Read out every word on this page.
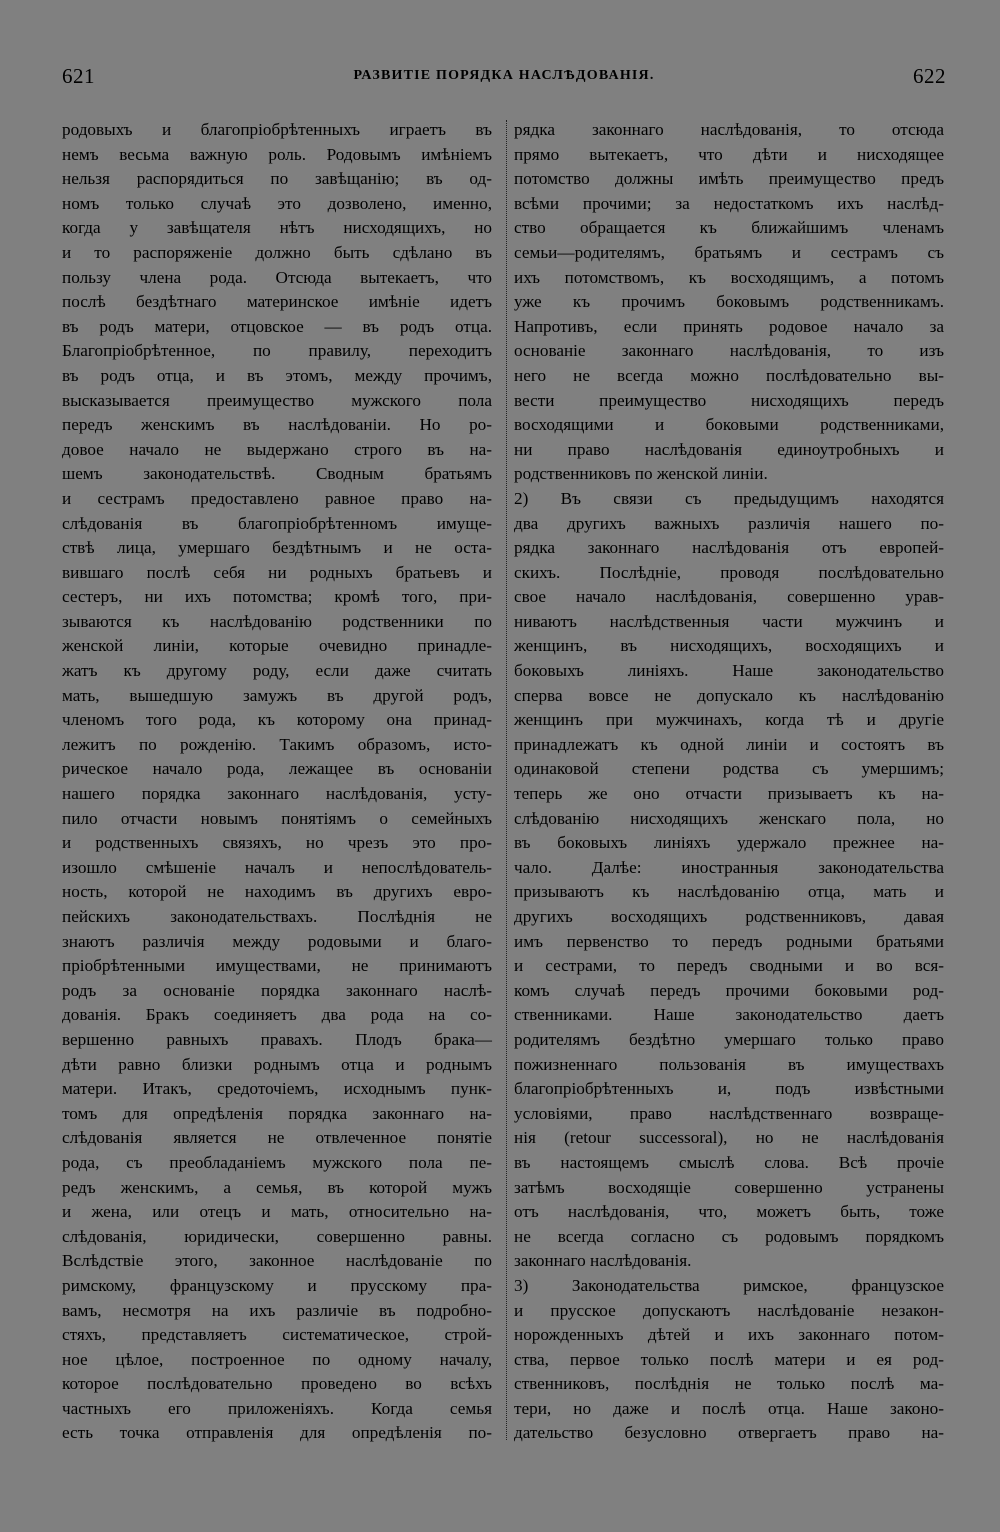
621	РАЗВИТІЕ ПОРЯДКА НАСЛѢДОВАНІЯ.	622

родовыхъ и благопріобрѣтенныхъ играетъ въ

немъ весьма важную роль. Родовымъ имѣніемъ

нельзя распорядиться по завѣщанію; въ од-

номъ только случаѣ это дозволено, именно,

когда у завѣщателя нѣтъ нисходящихъ, но

и то распоряженіе должно быть сдѣлано въ

пользу члена рода. Отсюда вытекаетъ, что

послѣ бездѣтнаго материнское имѣніе идетъ

въ родъ матери, отцовское — въ родъ отца.

Благопріобрѣтенное, по правилу, переходитъ

въ родъ отца, и въ этомъ, между прочимъ,

высказывается преимущество мужского пола

передъ женскимъ въ наслѣдованіи. Но ро-

довое начало не выдержано строго въ на-

шемъ законодательствѣ. Сводным братьямъ

и сестрамъ предоставлено равное право на-

слѣдованія въ благопріобрѣтенномъ имуще-

ствѣ лица, умершаго бездѣтнымъ и не оста-

вившаго послѣ себя ни родныхъ братьевъ и

сестеръ, ни ихъ потомства; кромѣ того, при-

зываются къ наслѣдованію родственники по

женской линіи, которые очевидно принадле-

жатъ къ другому роду, если даже считать

мать, вышедшую замужъ въ другой родъ,

членомъ того рода, къ которому она принад-

лежитъ по рожденію. Такимъ образомъ, исто-

рическое начало рода, лежащее въ основаніи

нашего порядка законнаго наслѣдованія, усту-

пило отчасти новымъ понятіямъ о семейныхъ

и родственныхъ связяхъ, но чрезъ это про-

изошло смѣшеніе началъ и непослѣдователь-

ность, которой не находимъ въ другихъ евро-

пейскихъ законодательствахъ. Послѣднія не

знаютъ различія между родовыми и благо-

пріобрѣтенными имуществами, не принимаютъ

родъ за основаніе порядка законнаго наслѣ-

дованія. Бракъ соединяетъ два рода на со-

вершенно равныхъ правахъ. Плодъ брака—

дѣти равно близки роднымъ отца и роднымъ

матери. Итакъ, средоточіемъ, исходнымъ пунк-

томъ для опредѣленія порядка законнаго на-

слѣдованія является не отвлеченное понятіе

рода, съ преобладаніемъ мужского пола пе-

редъ женскимъ, а семья, въ которой мужъ

и жена, или отецъ и мать, относительно на-

слѣдованія, юридически, совершенно равны.

Вслѣдствіе этого, законное наслѣдованіе по

римскому, французскому и прусскому пра-

вамъ, несмотря на ихъ различіе въ подробно-

стяхъ, представляетъ систематическое, строй-

ное цѣлое, построенное по одному началу,

которое послѣдовательно проведено во всѣхъ

частныхъ его приложеніяхъ. Когда семья

есть точка отправленія для опредѣленія по-

рядка законнаго наслѣдованія, то отсюда

прямо вытекаетъ, что дѣти и нисходящее

потомство должны имѣть преимущество предъ

всѣми прочими; за недостаткомъ ихъ наслѣд-

ство обращается къ ближайшимъ членамъ

семьи—родителямъ, братьямъ и сестрамъ съ

ихъ потомствомъ, къ восходящимъ, а потомъ

уже къ прочимъ боковымъ родственникамъ.

Напротивъ, если принять родовое начало за

основаніе законнаго наслѣдованія, то изъ

него не всегда можно послѣдовательно вы-

вести преимущество нисходящихъ передъ

восходящими и боковыми родственниками,

ни право наслѣдованія единоутробныхъ и

родственниковъ по женской линіи.

2) Въ связи съ предыдущимъ находятся

два другихъ важныхъ различія нашего по-

рядка законнаго наслѣдованія отъ европей-

скихъ. Послѣдніе, проводя послѣдовательно

свое начало наслѣдованія, совершенно урав-

ниваютъ наслѣдственныя части мужчинъ и

женщинъ, въ нисходящихъ, восходящихъ и

боковыхъ линіяхъ. Наше законодательство

сперва вовсе не допускало къ наслѣдованію

женщинъ при мужчинахъ, когда тѣ и другіе

принадлежатъ къ одной линіи и состоятъ въ

одинаковой степени родства съ умершимъ;

теперь же оно отчасти призываетъ къ на-

слѣдованію нисходящихъ женскаго пола, но

въ боковыхъ линіяхъ удержало прежнее на-

чало. Далѣе: иностранныя законодательства

призываютъ къ наслѣдованію отца, мать и

другихъ восходящихъ родственниковъ, давая

имъ первенство то передъ родными братьями

и сестрами, то передъ сводными и во вся-

комъ случаѣ передъ прочими боковыми род-

ственниками. Наше законодательство даетъ

родителямъ бездѣтно умершаго только право

пожизненнаго пользованія въ имуществахъ

благопріобрѣтенныхъ и, подъ извѣстными

условіями, право наслѣдственнаго возвраще-

нія (retour successoral), но не наслѣдованія

въ настоящемъ смыслѣ слова. Всѣ прочіе

затѣмъ восходящіе совершенно устранены

отъ наслѣдованія, что, можетъ быть, тоже

не всегда согласно съ родовымъ порядкомъ

законнаго наслѣдованія.

3) Законодательства римское, французское

и прусское допускаютъ наслѣдованіе незакон-

норожденныхъ дѣтей и ихъ законнаго потом-

ства, первое только послѣ матери и ея род-

ственниковъ, послѣднія не только послѣ ма-

тери, но даже и послѣ отца. Наше законо-

дательство безусловно отвергаетъ право на-
